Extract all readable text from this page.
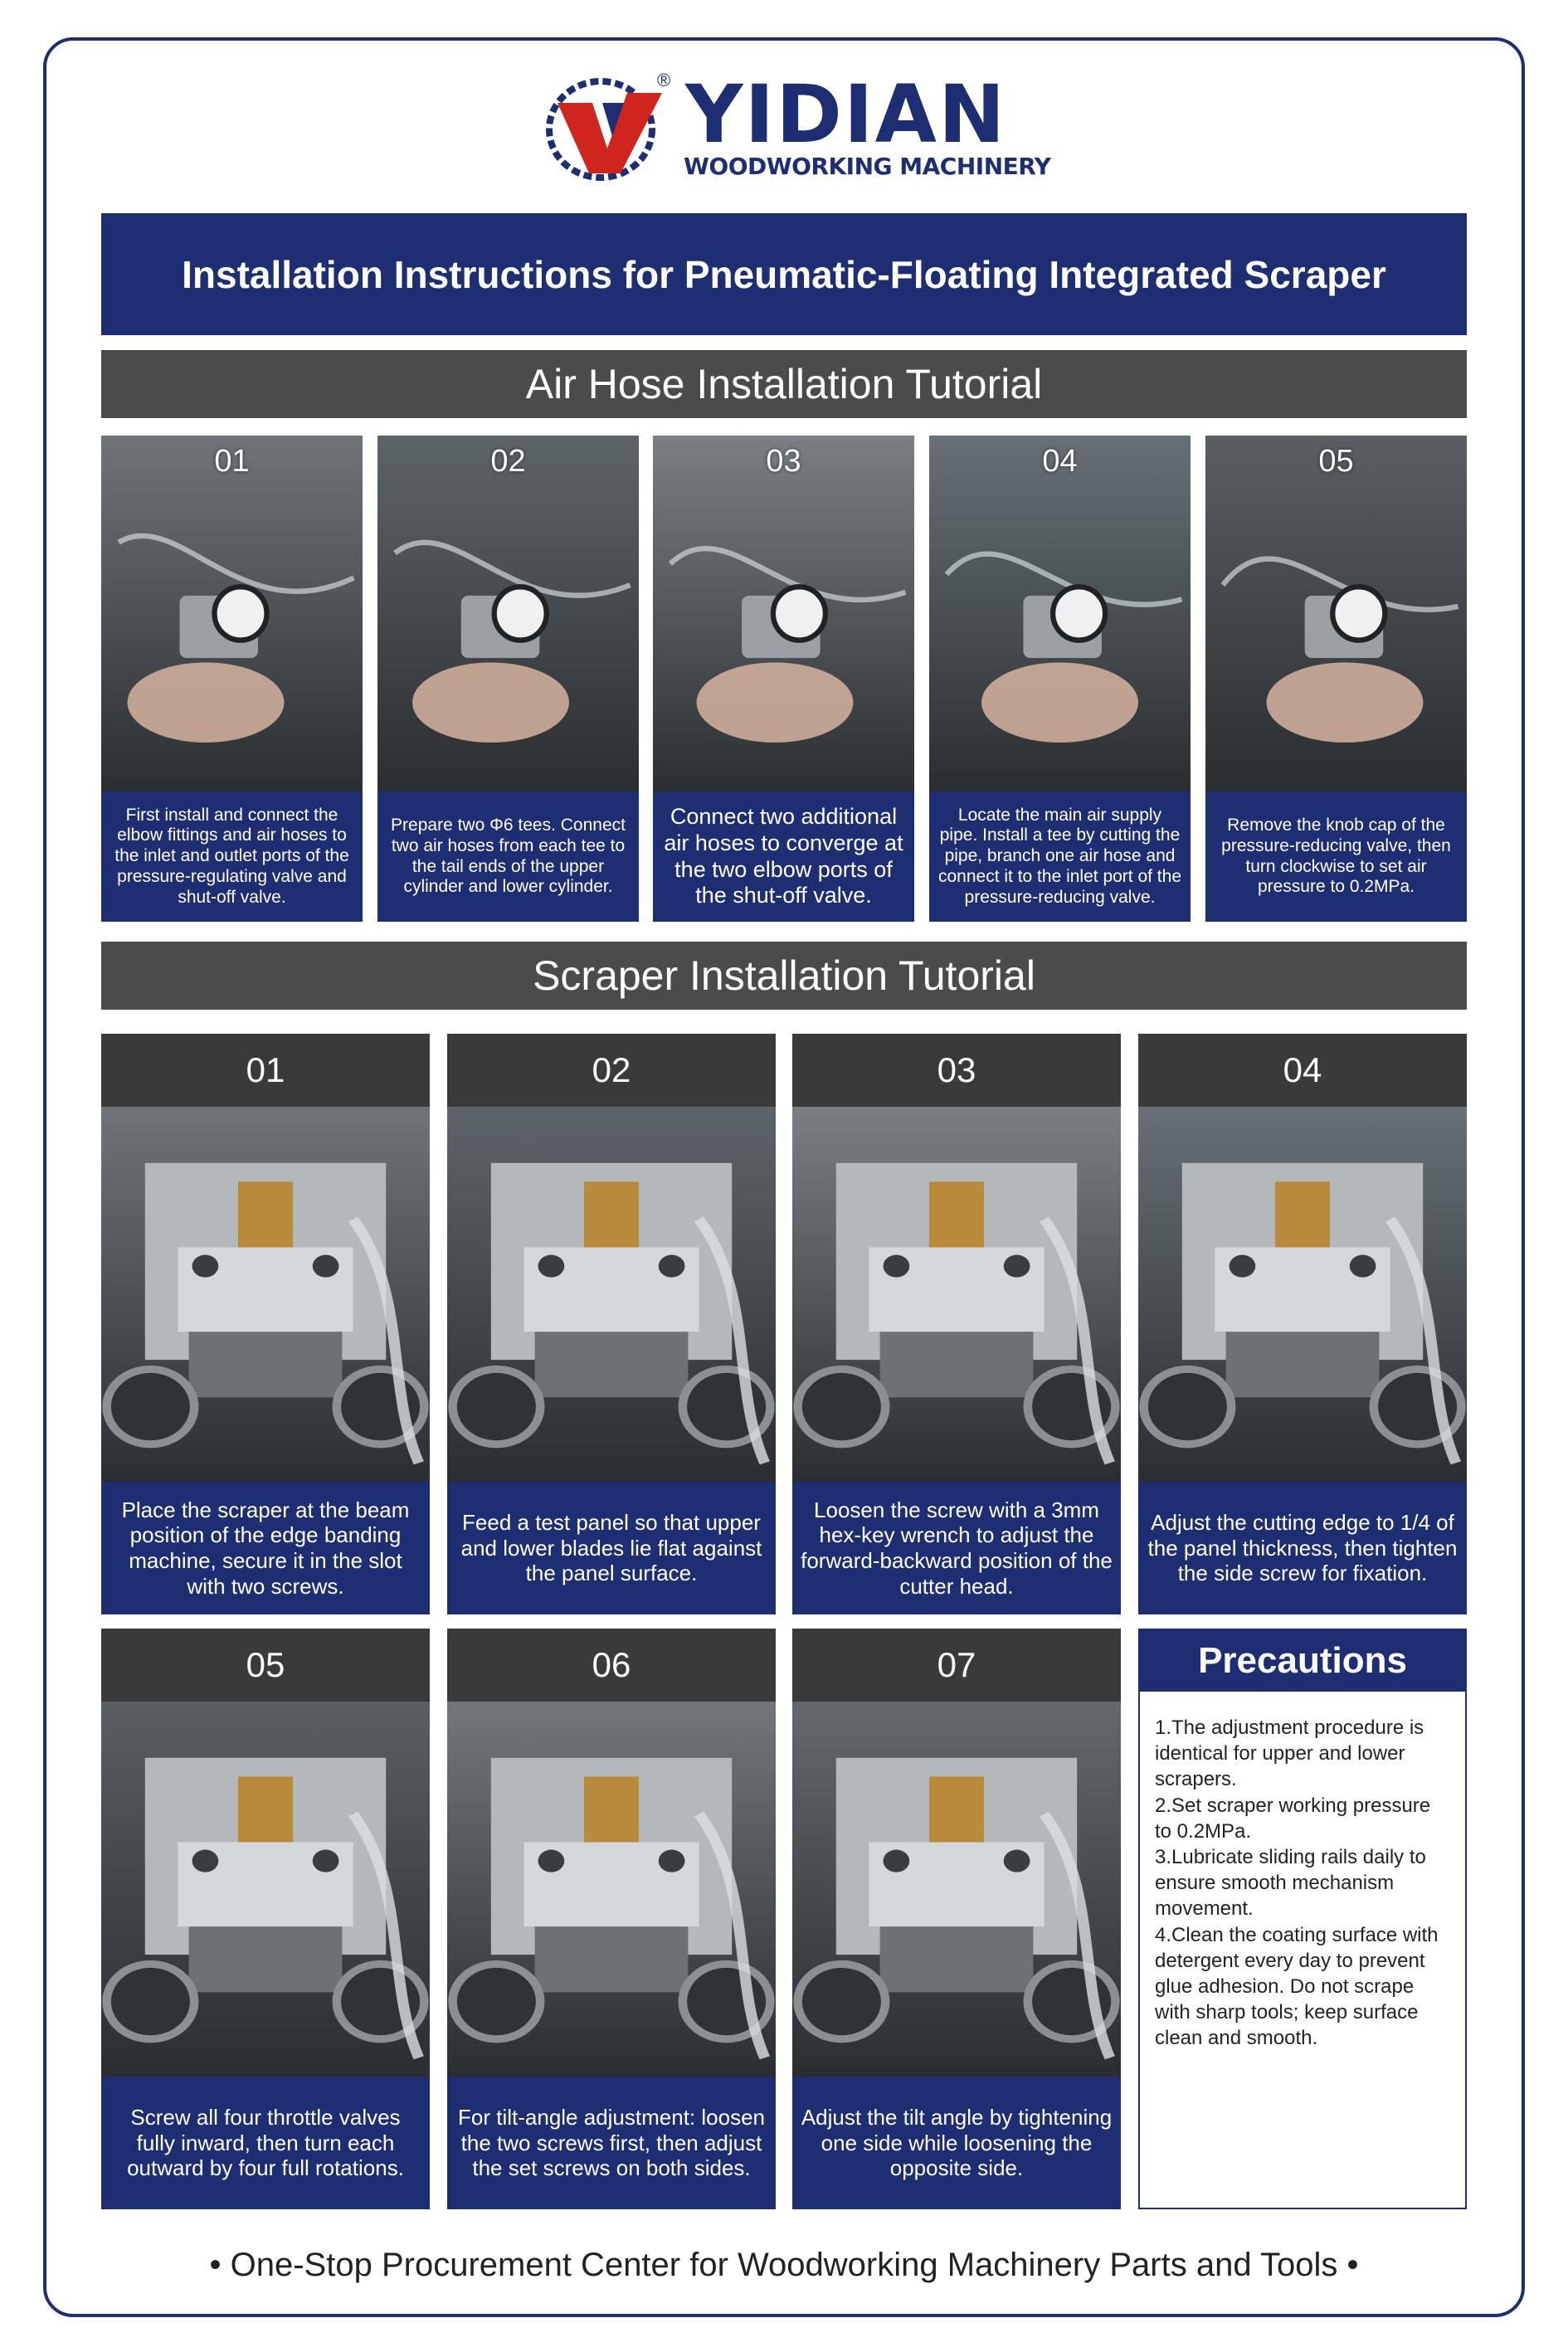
® YIDIAN
WOODWORKING MACHINERY
Installation Instructions for Pneumatic-Floating Integrated Scraper
Air Hose Installation Tutorial
01
First install and connect the elbow fittings and air hoses to the inlet and outlet ports of the pressure-regulating valve and shut-off valve.
02
Prepare two Φ6 tees. Connect two air hoses from each tee to the tail ends of the upper cylinder and lower cylinder.
03
Connect two additional air hoses to converge at the two elbow ports of the shut-off valve.
04
Locate the main air supply pipe. Install a tee by cutting the pipe, branch one air hose and connect it to the inlet port of the pressure-reducing valve.
05
Remove the knob cap of the pressure-reducing valve, then turn clockwise to set air pressure to 0.2MPa.
Scraper Installation Tutorial
01
Place the scraper at the beam position of the edge banding machine, secure it in the slot with two screws.
02
Feed a test panel so that upper and lower blades lie flat against the panel surface.
03
Loosen the screw with a 3mm hex-key wrench to adjust the forward-backward position of the cutter head.
04
Adjust the cutting edge to 1/4 of the panel thickness, then tighten the side screw for fixation.
05
Screw all four throttle valves fully inward, then turn each outward by four full rotations.
06
For tilt-angle adjustment: loosen the two screws first, then adjust the set screws on both sides.
07
Adjust the tilt angle by tightening one side while loosening the opposite side.
Precautions

1.The adjustment procedure is identical for upper and lower scrapers.

2.Set scraper working pressure to 0.2MPa.

3.Lubricate sliding rails daily to ensure smooth mechanism movement.

4.Clean the coating surface with detergent every day to prevent glue adhesion. Do not scrape with sharp tools; keep surface clean and smooth.

• One-Stop Procurement Center for Woodworking Machinery Parts and Tools •
